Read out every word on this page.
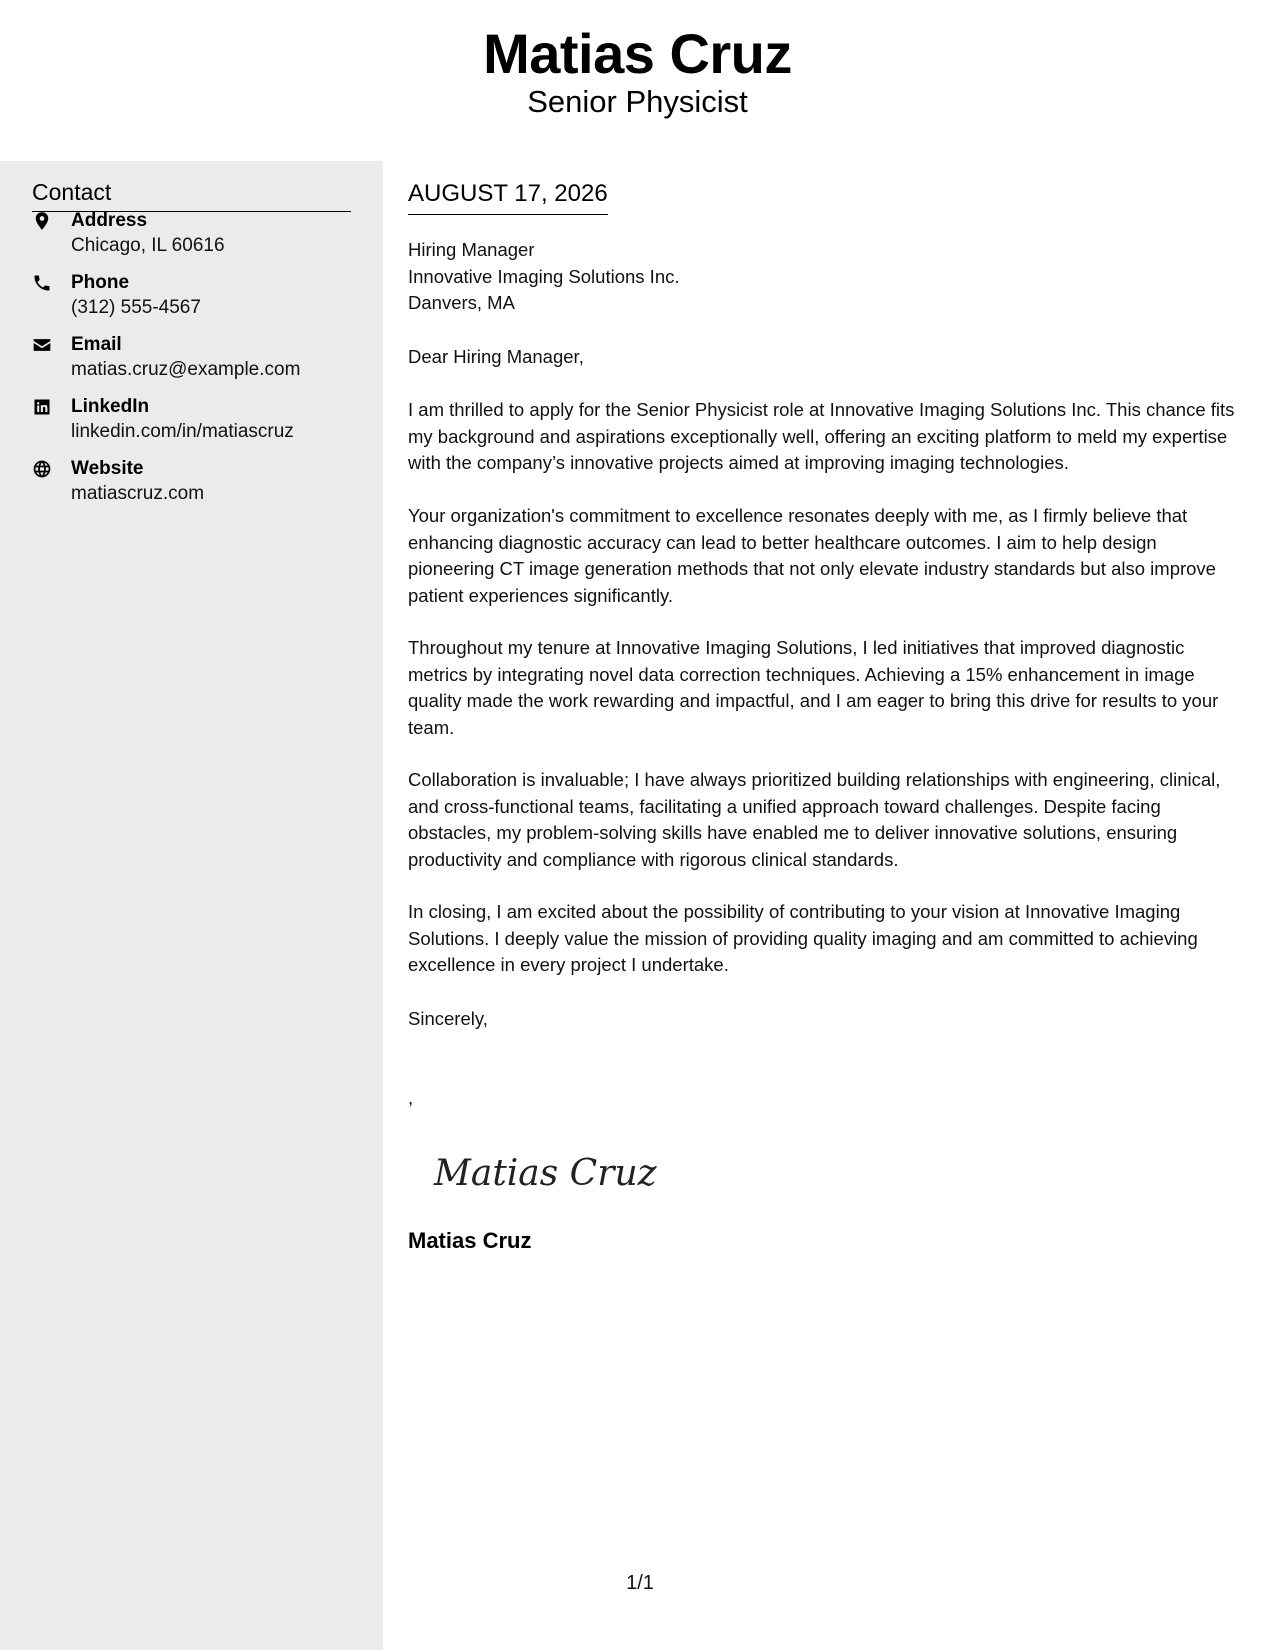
Matias Cruz
Senior Physicist
Contact
Address
Chicago, IL 60616
Phone
(312) 555-4567
Email
matias.cruz@example.com
LinkedIn
linkedin.com/in/matiascruz
Website
matiascruz.com
AUGUST 17, 2026
Hiring Manager
Innovative Imaging Solutions Inc.
Danvers, MA
Dear Hiring Manager,
I am thrilled to apply for the Senior Physicist role at Innovative Imaging Solutions Inc. This chance fits my background and aspirations exceptionally well, offering an exciting platform to meld my expertise with the company’s innovative projects aimed at improving imaging technologies.
Your organization's commitment to excellence resonates deeply with me, as I firmly believe that enhancing diagnostic accuracy can lead to better healthcare outcomes. I aim to help design pioneering CT image generation methods that not only elevate industry standards but also improve patient experiences significantly.
Throughout my tenure at Innovative Imaging Solutions, I led initiatives that improved diagnostic metrics by integrating novel data correction techniques. Achieving a 15% enhancement in image quality made the work rewarding and impactful, and I am eager to bring this drive for results to your team.
Collaboration is invaluable; I have always prioritized building relationships with engineering, clinical, and cross-functional teams, facilitating a unified approach toward challenges. Despite facing obstacles, my problem-solving skills have enabled me to deliver innovative solutions, ensuring productivity and compliance with rigorous clinical standards.
In closing, I am excited about the possibility of contributing to your vision at Innovative Imaging Solutions. I deeply value the mission of providing quality imaging and am committed to achieving excellence in every project I undertake.
Sincerely,
,
Matias Cruz
Matias Cruz
1/1
